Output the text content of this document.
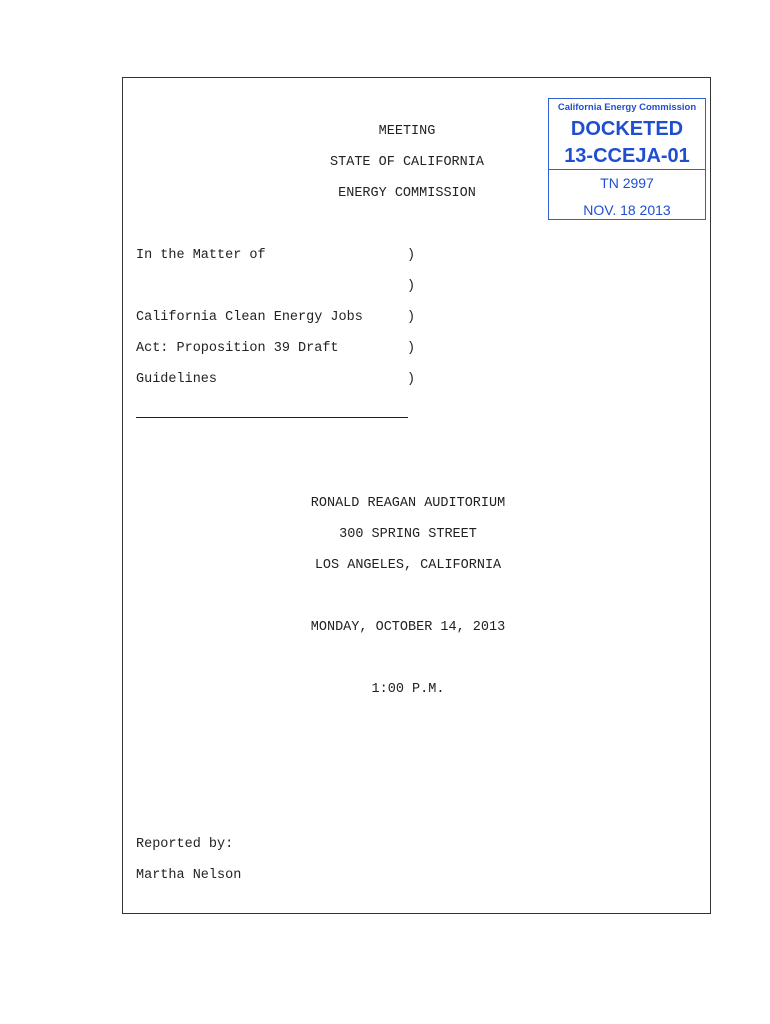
MEETING
STATE OF CALIFORNIA
ENERGY COMMISSION
California Energy Commission
DOCKETED
13-CCEJA-01
TN 2997
NOV. 18 2013
In the Matter of	)
)
California Clean Energy Jobs	)
Act: Proposition 39 Draft	)
Guidelines	)
RONALD REAGAN AUDITORIUM
300 SPRING STREET
LOS ANGELES, CALIFORNIA
MONDAY, OCTOBER 14, 2013
1:00 P.M.
Reported by:
Martha Nelson
